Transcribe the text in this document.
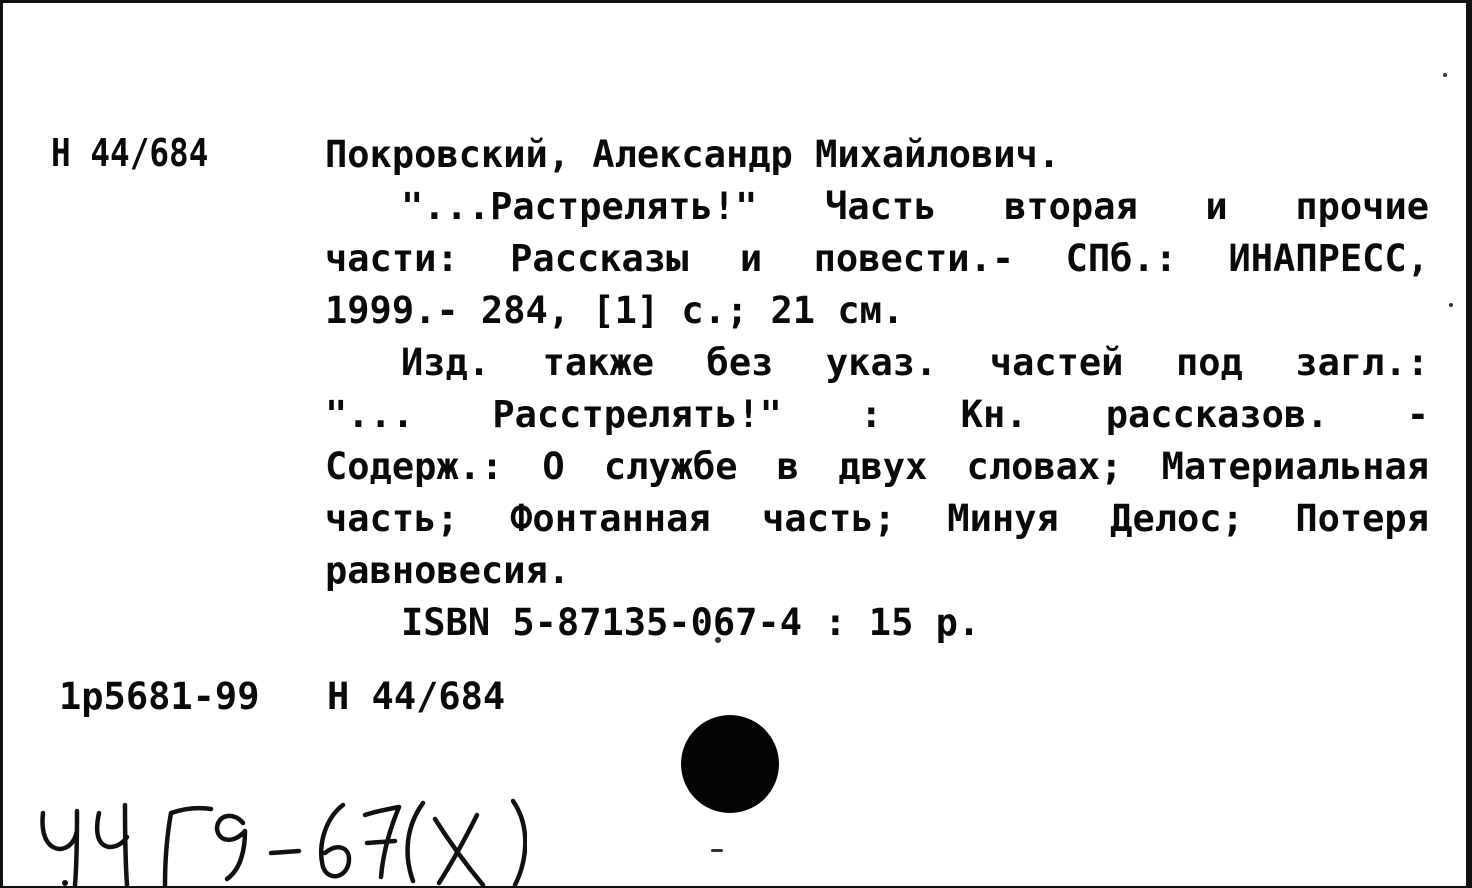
Н 44/684	Покровский, Александр Михайлович.
"...Растрелять!" Часть вторая и прочие
части: Рассказы и повести.- СПб.: ИНАПРЕСС,
1999.- 284, [1] с.; 21 см.
Изд. также без указ. частей под загл.:
"... Расстрелять!" : Кн. рассказов. -
Содерж.: О службе в двух словах; Материальная
часть; Фонтанная часть; Минуя Делос; Потеря
равновесия.
ISBN 5-87135-067-4 : 15 р.
1р5681-99 Н 44/684
